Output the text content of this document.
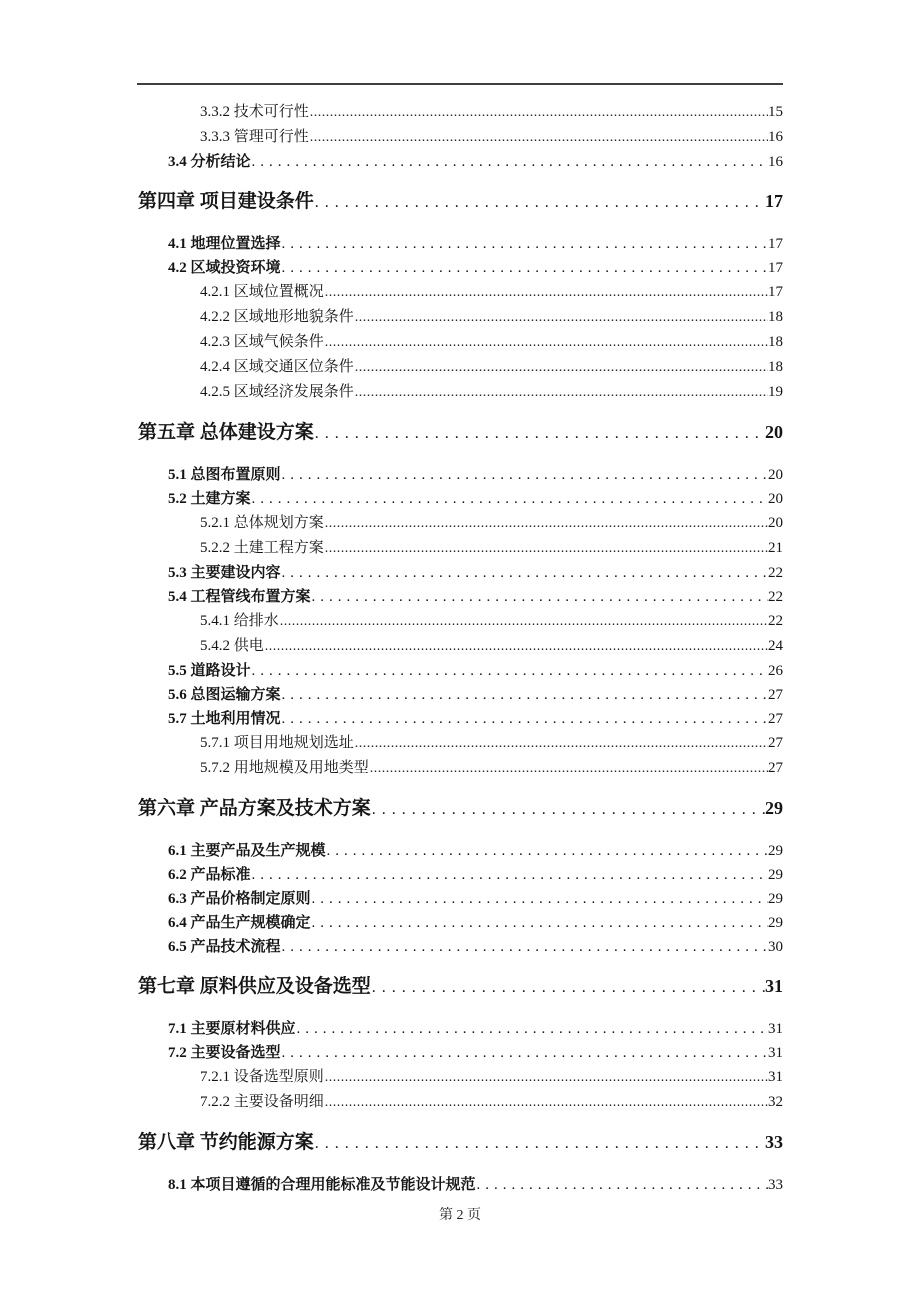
3.3.2 技术可行性 .....	15
3.3.3 管理可行性 .....	16
3.4 分析结论 .....	16
第四章 项目建设条件 .....	17
4.1 地理位置选择 .....	17
4.2 区域投资环境 .....	17
4.2.1 区域位置概况 .....	17
4.2.2 区域地形地貌条件 .....	18
4.2.3 区域气候条件 .....	18
4.2.4 区域交通区位条件 .....	18
4.2.5 区域经济发展条件 .....	19
第五章 总体建设方案 .....	20
5.1 总图布置原则 .....	20
5.2 土建方案 .....	20
5.2.1 总体规划方案 .....	20
5.2.2 土建工程方案 .....	21
5.3 主要建设内容 .....	22
5.4 工程管线布置方案 .....	22
5.4.1 给排水 .....	22
5.4.2 供电 .....	24
5.5 道路设计 .....	26
5.6 总图运输方案 .....	27
5.7 土地利用情况 .....	27
5.7.1 项目用地规划选址 .....	27
5.7.2 用地规模及用地类型 .....	27
第六章 产品方案及技术方案 .....	29
6.1 主要产品及生产规模 .....	29
6.2 产品标准 .....	29
6.3 产品价格制定原则 .....	29
6.4 产品生产规模确定 .....	29
6.5 产品技术流程 .....	30
第七章 原料供应及设备选型 .....	31
7.1 主要原材料供应 .....	31
7.2 主要设备选型 .....	31
7.2.1 设备选型原则 .....	31
7.2.2 主要设备明细 .....	32
第八章 节约能源方案 .....	33
8.1 本项目遵循的合理用能标准及节能设计规范 .....	33
第 2 页
